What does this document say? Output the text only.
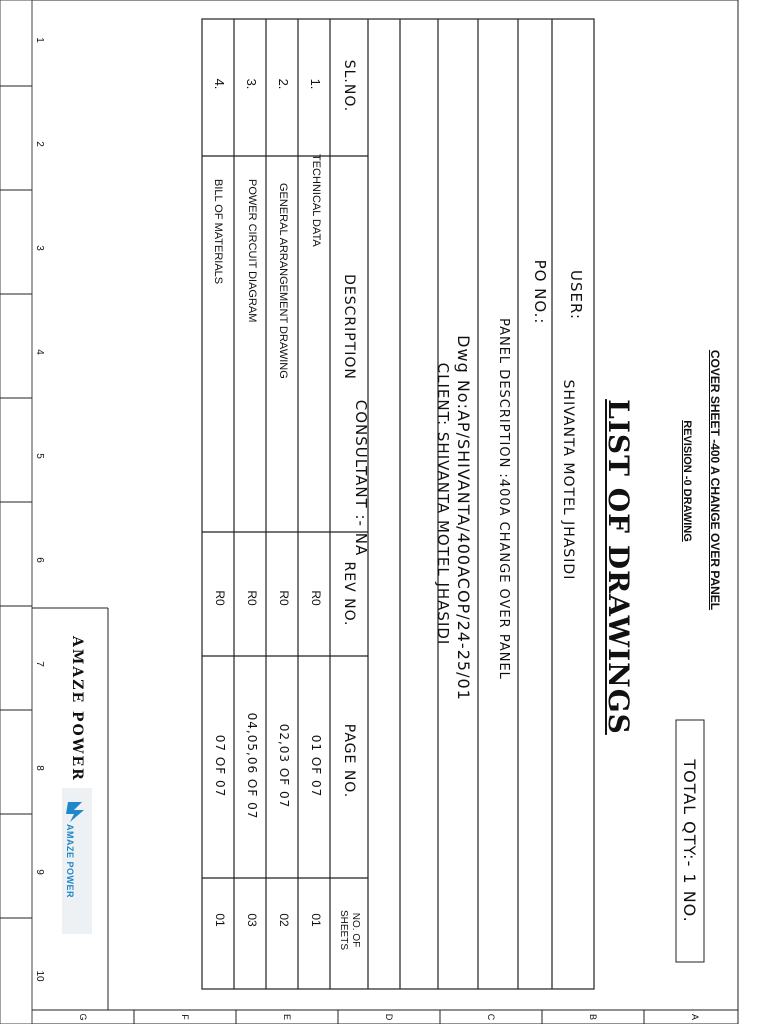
1
2
3
4
5
6
7
8
9
10
A
B
C
D
E
F
G
LIST OF DRAWINGS	COVER SHEET -400 A CHANGE OVER PANEL
REVISION -0 DRAWING
TOTAL QTY:- 1 NO.
USER:
SHIVANTA MOTEL JHASIDI
PO NO.:
PANEL DESCRIPTION :400A CHANGE OVER PANEL
Dwg No:AP/SHIVANTA/400ACOP/24-25/01
CLIENT: SHIVANTA MOTEL JHASIDI
CONSULTANT :- NA
SL.NO.
DESCRIPTION
REV NO.
PAGE NO.
NO. OF SHEETS
1.
TECHNICAL DATA
R0
01 OF 07
01
2.
GENERAL ARRANGEMENT DRAWING
R0
02,03 OF 07
02
3.
POWER CIRCUIT DIAGRAM
R0
04,05,06 OF 07
03
4.
BILL OF MATERIALS
R0
07 OF 07
01
AMAZE POWER
AMAZE POWER
